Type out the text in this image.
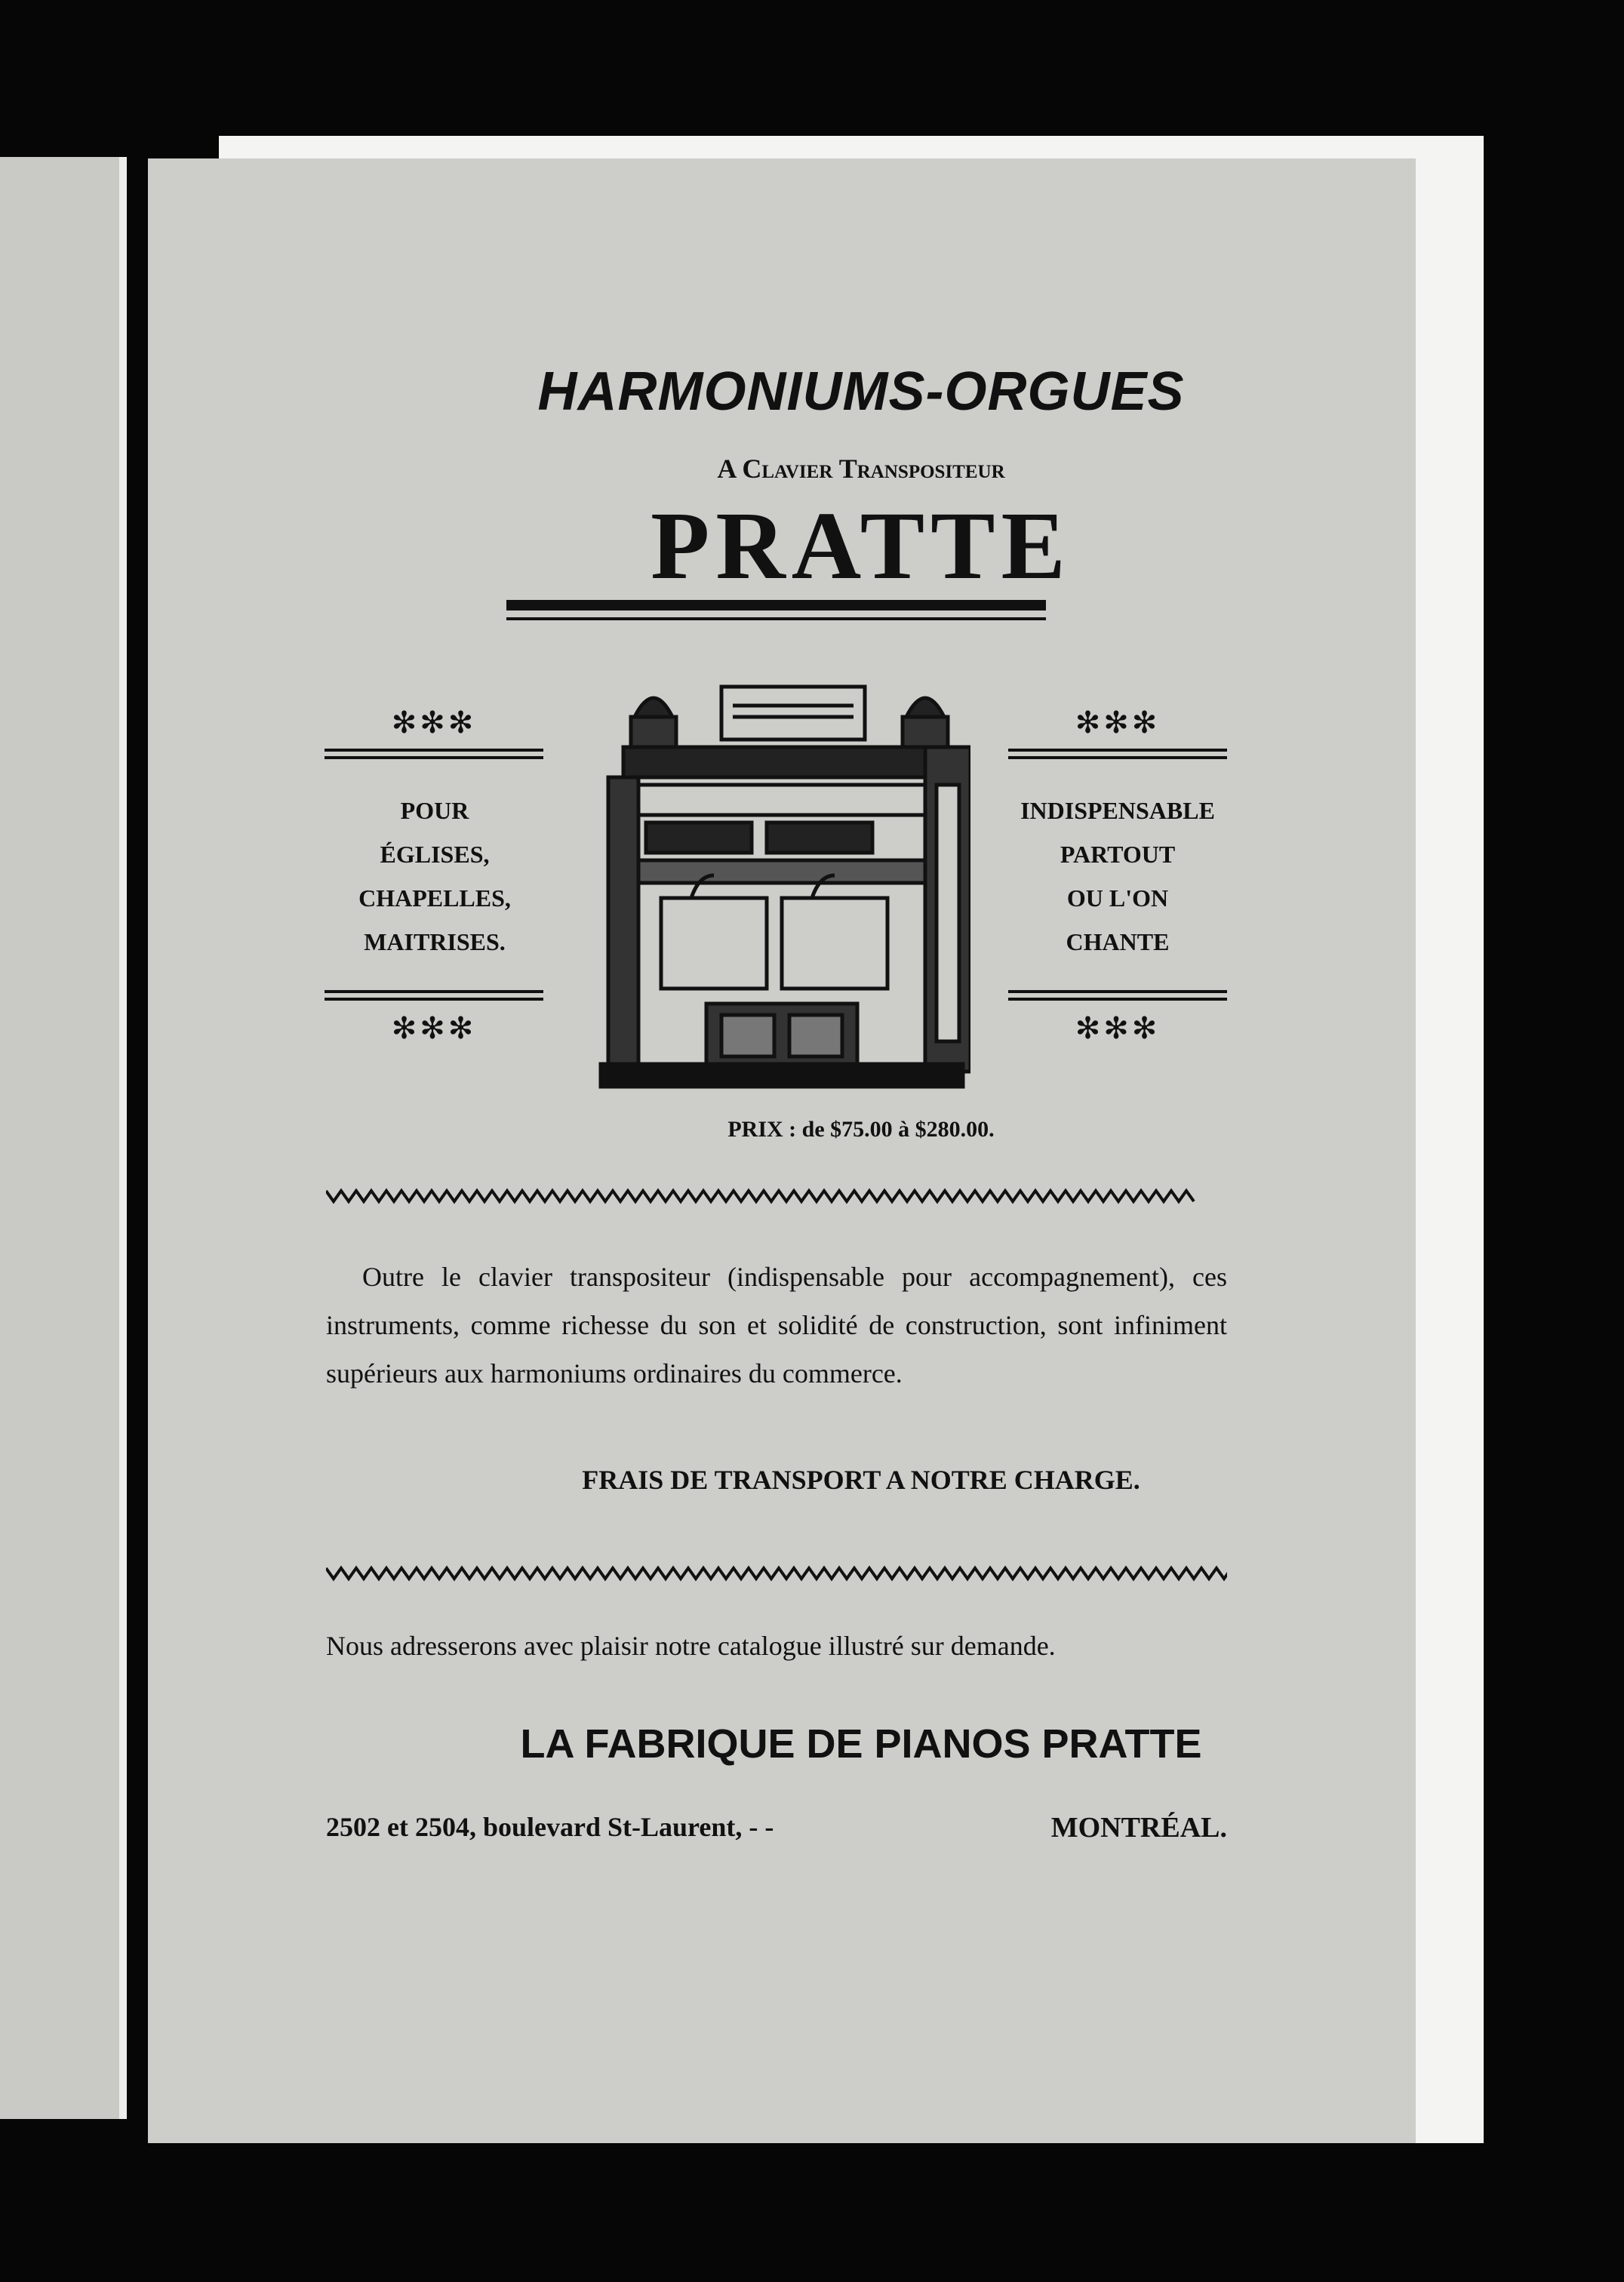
HARMONIUMS-ORGUES
A Clavier Transpositeur
PRATTE
✻✻✻
POUR
ÉGLISES,
CHAPELLES,
MAITRISES.
✻✻✻
✻✻✻
INDISPENSABLE
PARTOUT
OU L'ON
CHANTE
✻✻✻
PRIX : de $75.00 à $280.00.
Outre le clavier transpositeur (indispensable pour accompagnement), ces instruments, comme richesse du son et solidité de construction, sont infiniment supérieurs aux harmoniums ordinaires du commerce.
FRAIS DE TRANSPORT A NOTRE CHARGE.
Nous adresserons avec plaisir notre catalogue illustré sur demande.
LA FABRIQUE DE PIANOS PRATTE
2502 et 2504, boulevard St-Laurent, - -	MONTRÉAL.
